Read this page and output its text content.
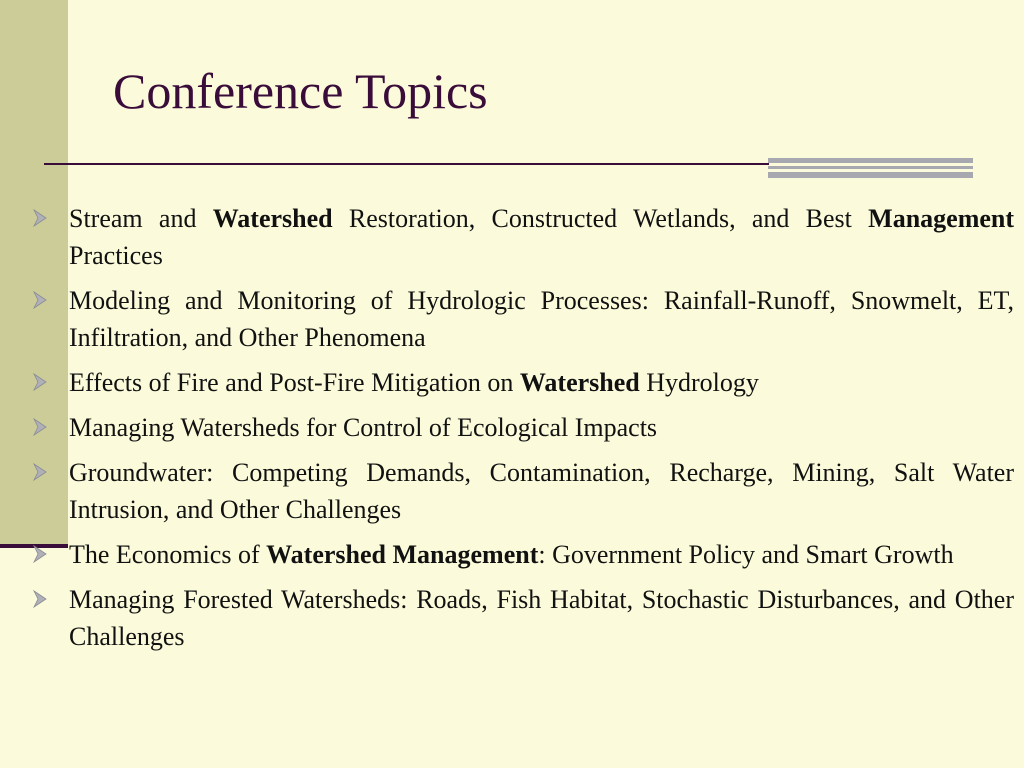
Conference Topics
Stream and Watershed Restoration, Constructed Wetlands, and Best Management Practices
Modeling and Monitoring of Hydrologic Processes: Rainfall-Runoff, Snowmelt, ET, Infiltration, and Other Phenomena
Effects of Fire and Post-Fire Mitigation on Watershed Hydrology
Managing Watersheds for Control of Ecological Impacts
Groundwater: Competing Demands, Contamination, Recharge, Mining, Salt Water Intrusion, and Other Challenges
The Economics of Watershed Management: Government Policy and Smart Growth
Managing Forested Watersheds: Roads, Fish Habitat, Stochastic Disturbances, and Other Challenges
